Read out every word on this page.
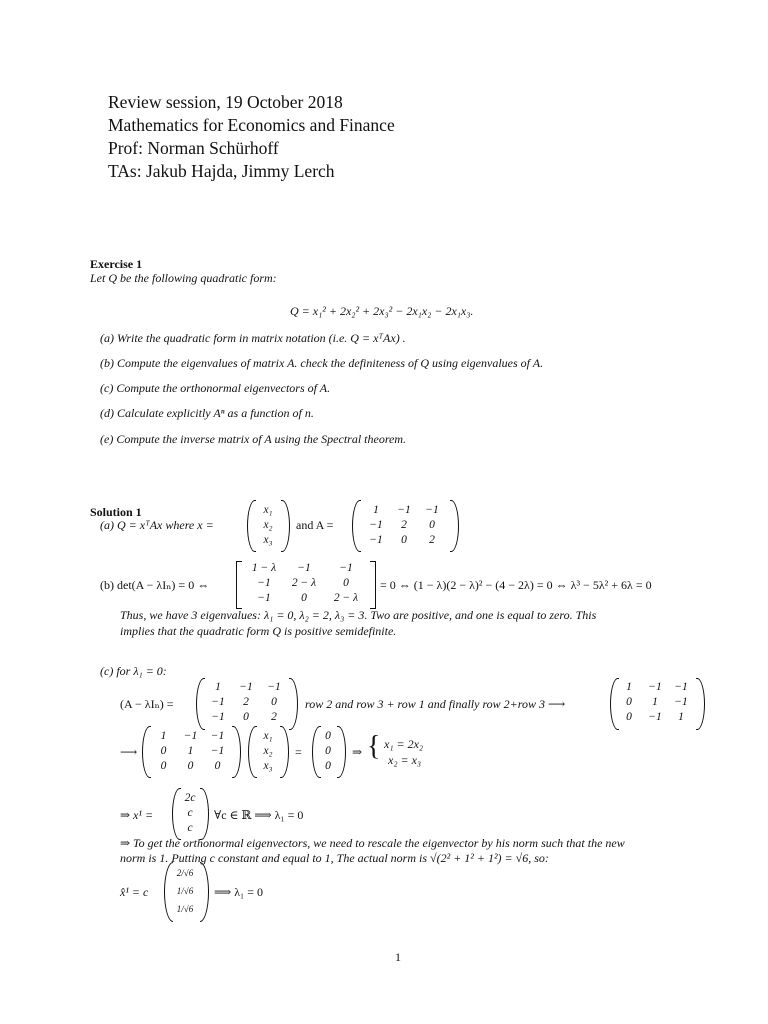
Review session, 19 October 2018
Mathematics for Economics and Finance
Prof: Norman Schürhoff
TAs: Jakub Hajda, Jimmy Lerch
Exercise 1
Let Q be the following quadratic form:
Q = x₁² + 2x₂² + 2x₃² − 2x₁x₂ − 2x₁x₃.
(a) Write the quadratic form in matrix notation (i.e. Q = xᵀAx) .
(b) Compute the eigenvalues of matrix A. check the definiteness of Q using eigenvalues of A.
(c) Compute the orthonormal eigenvectors of A.
(d) Calculate explicitly Aⁿ as a function of n.
(e) Compute the inverse matrix of A using the Spectral theorem.
Solution 1
(a) Q = xᵀAx where x =
x₁
x₂
x₃
and A =
1	−1	−1
−1	2	0
−1	0	2
(b) det(A − λIₙ) = 0 ⇔
1 − λ	−1	−1
−1	2 − λ	0
−1	0	2 − λ
= 0 ⇔ (1 − λ)(2 − λ)² − (4 − 2λ) = 0 ⇔ λ³ − 5λ² + 6λ = 0
Thus, we have 3 eigenvalues: λ₁ = 0, λ₂ = 2, λ₃ = 3. Two are positive, and one is equal to zero. This
implies that the quadratic form Q is positive semidefinite.
(c) for λ₁ = 0:
(A − λIₙ) =
1	−1	−1
−1	2	0
−1	0	2
row 2 and row 3 + row 1 and finally row 2+row 3 ⟶
1	−1	−1
0	1	−1
0	−1	1
⟶
1	−1	−1
0	1	−1
0	0	0
x₁
x₂
x₃
=
0
0
0
⇒ { x₁ = 2x₂
x₂ = x₃
⇒ x¹ =
2c
c
c
∀c ∈ ℝ ⟹ λ₁ = 0
⇒ To get the orthonormal eigenvectors, we need to rescale the eigenvector by his norm such that the new
norm is 1. Putting c constant and equal to 1, The actual norm is √(2² + 1² + 1²) = √6, so:
x̂¹ = c
2/√6
1/√6
1/√6
⟹ λ₁ = 0
1
